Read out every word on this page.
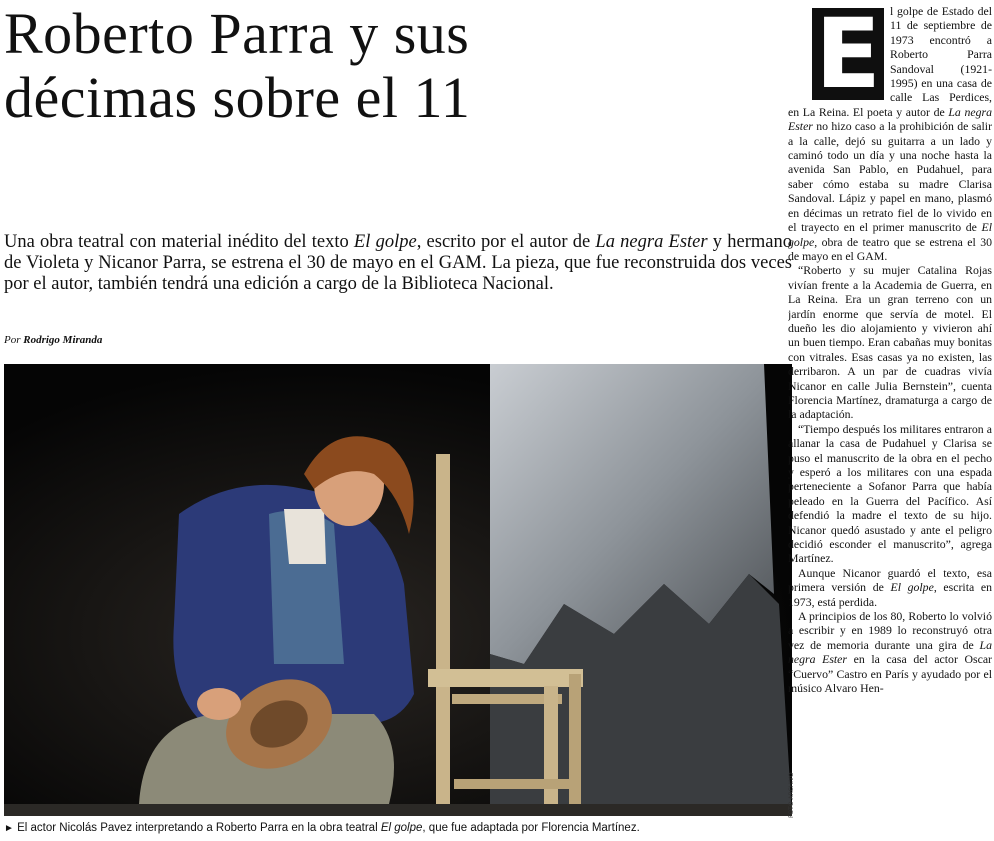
Roberto Parra y sus
décimas sobre el 11

Una obra teatral con material inédito del texto El golpe, escrito por el autor de La negra Ester y hermano de Violeta y Nicanor Parra, se estrena el 30 de mayo en el GAM. La pieza, que fue reconstruida dos veces por el autor, también tendrá una edición a cargo de la Biblioteca Nacional.

Por Rodrigo Miranda

FOTO ARCHIVO

► El actor Nicolás Pavez interpretando a Roberto Parra en la obra teatral El golpe, que fue adaptada por Florencia Martínez.

E l golpe de Estado del 11 de septiembre de 1973 encontró a Roberto Parra Sandoval (1921-1995) en una casa de calle Las Perdices, en La Reina. El poeta y autor de La negra Ester no hizo caso a la prohibición de salir a la calle, dejó su guitarra a un lado y caminó todo un día y una noche hasta la avenida San Pablo, en Pudahuel, para saber cómo estaba su madre Clarisa Sandoval. Lápiz y papel en mano, plasmó en décimas un retrato fiel de lo vivido en el trayecto en el primer manuscrito de El golpe, obra de teatro que se estrena el 30 de mayo en el GAM.

“Roberto y su mujer Catalina Rojas vivían frente a la Academia de Guerra, en La Reina. Era un gran terreno con un jardín enorme que servía de motel. El dueño les dio alojamiento y vivieron ahí un buen tiempo. Eran cabañas muy bonitas con vitrales. Esas casas ya no existen, las derribaron. A un par de cuadras vivía Nicanor en calle Julia Bernstein”, cuenta Florencia Martínez, dramaturga a cargo de la adaptación.

“Tiempo después los militares entraron a allanar la casa de Pudahuel y Clarisa se puso el manuscrito de la obra en el pecho y esperó a los militares con una espada perteneciente a Sofanor Parra que había peleado en la Guerra del Pacífico. Así defendió la madre el texto de su hijo. Nicanor quedó asustado y ante el peligro decidió esconder el manuscrito”, agrega Martínez.

Aunque Nicanor guardó el texto, esa primera versión de El golpe, escrita en 1973, está perdida.

A principios de los 80, Roberto lo volvió a escribir y en 1989 lo reconstruyó otra vez de memoria durante una gira de La negra Ester en la casa del actor Oscar “Cuervo” Castro en París y ayudado por el músico Alvaro Hen-
